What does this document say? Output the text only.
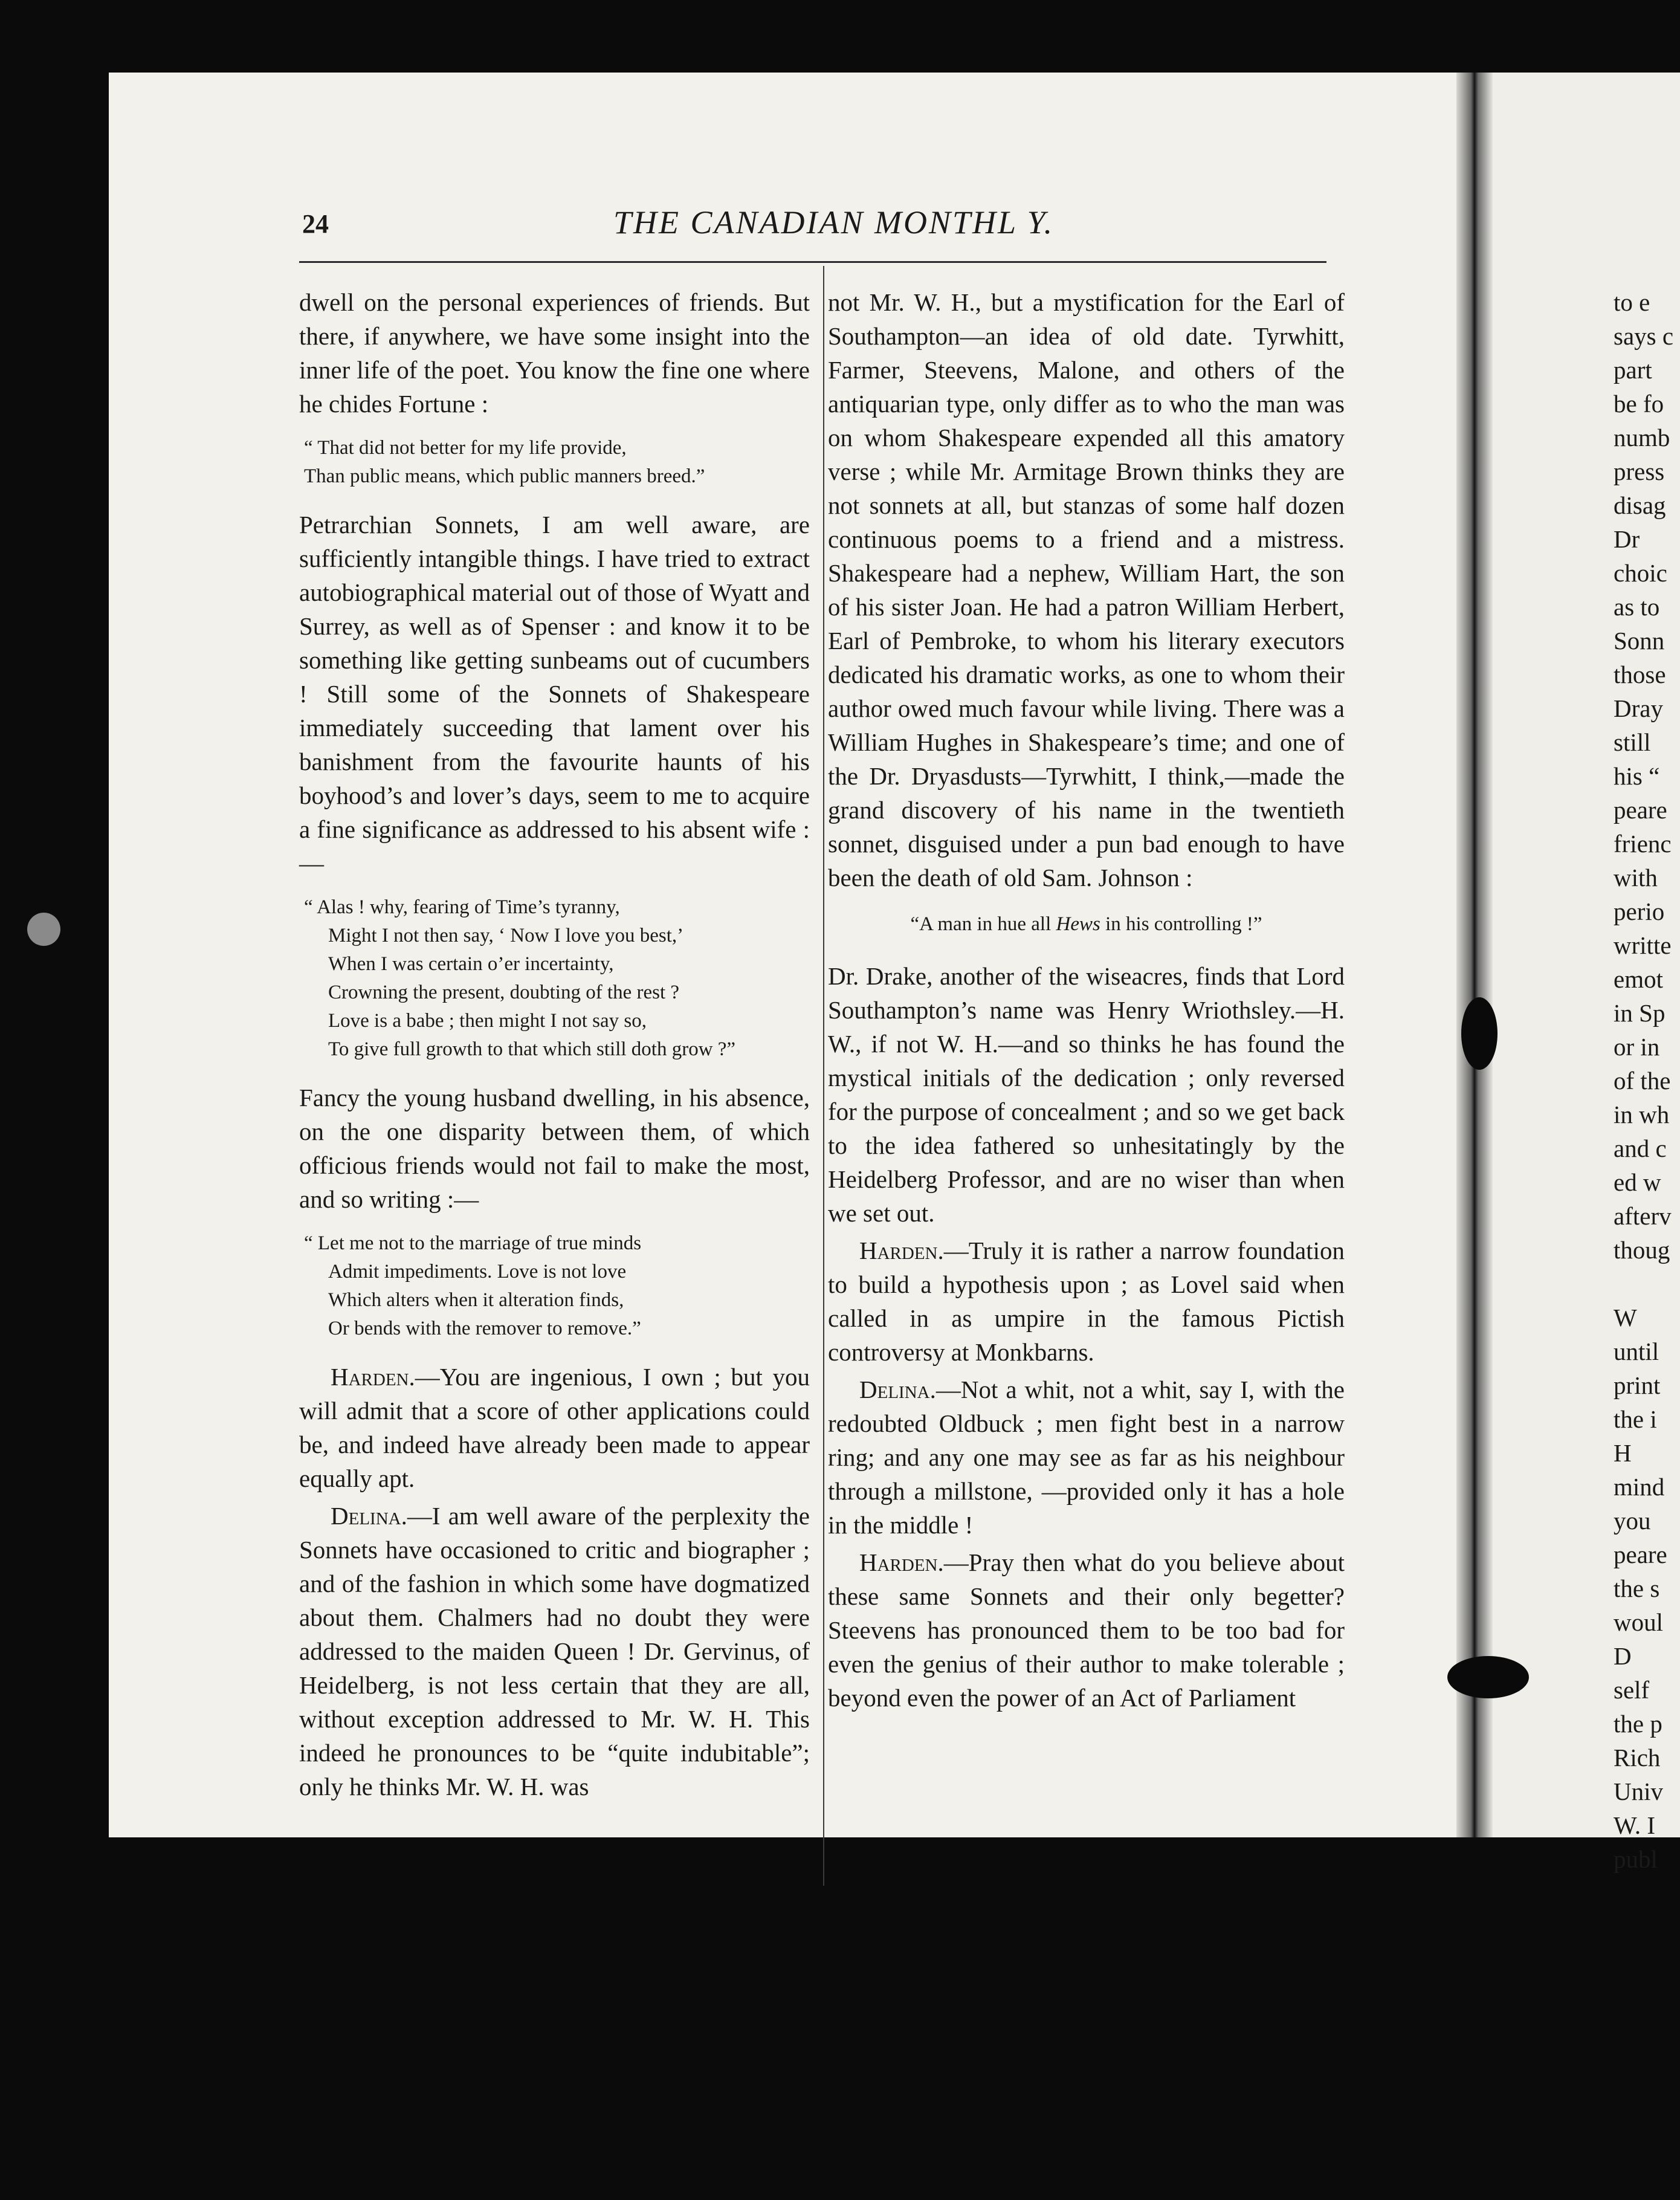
24	THE CANADIAN MONTHL Y.

dwell on the personal experiences of friends. But there, if anywhere, we have some insight into the inner life of the poet. You know the fine one where he chides Fortune :

“ That did not better for my life provide,
Than public means, which public manners breed.”

Petrarchian Sonnets, I am well aware, are sufficiently intangible things. I have tried to extract autobiographical material out of those of Wyatt and Surrey, as well as of Spenser : and know it to be something like getting sunbeams out of cucumbers ! Still some of the Sonnets of Shakespeare immediately succeeding that lament over his banishment from the favourite haunts of his boyhood’s and lover’s days, seem to me to acquire a fine significance as addressed to his absent wife :—

“ Alas ! why, fearing of Time’s tyranny,
Might I not then say, ‘ Now I love you best,’
When I was certain o’er incertainty,
Crowning the present, doubting of the rest ?
Love is a babe ; then might I not say so,
To give full growth to that which still doth grow ?”

Fancy the young husband dwelling, in his absence, on the one disparity between them, of which officious friends would not fail to make the most, and so writing :—

“ Let me not to the marriage of true minds
Admit impediments. Love is not love
Which alters when it alteration finds,
Or bends with the remover to remove.”

Harden.—You are ingenious, I own ; but you will admit that a score of other applications could be, and indeed have already been made to appear equally apt.

Delina.—I am well aware of the perplexity the Sonnets have occasioned to critic and biographer ; and of the fashion in which some have dogmatized about them. Chalmers had no doubt they were addressed to the maiden Queen ! Dr. Gervinus, of Heidelberg, is not less certain that they are all, without exception addressed to Mr. W. H. This indeed he pronounces to be “quite indubitable”; only he thinks Mr. W. H. was

not Mr. W. H., but a mystification for the Earl of Southampton—an idea of old date. Tyrwhitt, Farmer, Steevens, Malone, and others of the antiquarian type, only differ as to who the man was on whom Shakespeare expended all this amatory verse ; while Mr. Armitage Brown thinks they are not sonnets at all, but stanzas of some half dozen continuous poems to a friend and a mistress. Shakespeare had a nephew, William Hart, the son of his sister Joan. He had a patron William Herbert, Earl of Pembroke, to whom his literary executors dedicated his dramatic works, as one to whom their author owed much favour while living. There was a William Hughes in Shakespeare’s time; and one of the Dr. Dryasdusts—Tyrwhitt, I think,—made the grand discovery of his name in the twentieth sonnet, disguised under a pun bad enough to have been the death of old Sam. Johnson :

“A man in hue all Hews in his controlling !”

Dr. Drake, another of the wiseacres, finds that Lord Southampton’s name was Henry Wriothsley.—H. W., if not W. H.—and so thinks he has found the mystical initials of the dedication ; only reversed for the purpose of concealment ; and so we get back to the idea fathered so unhesitatingly by the Heidelberg Professor, and are no wiser than when we set out.

Harden.—Truly it is rather a narrow foundation to build a hypothesis upon ; as Lovel said when called in as umpire in the famous Pictish controversy at Monkbarns.

Delina.—Not a whit, not a whit, say I, with the redoubted Oldbuck ; men fight best in a narrow ring; and any one may see as far as his neighbour through a millstone, —provided only it has a hole in the middle !

Harden.—Pray then what do you believe about these same Sonnets and their only begetter? Steevens has pronounced them to be too bad for even the genius of their author to make tolerable ; beyond even the power of an Act of Parliament

to e
says c
part
be fo
numb
press
disag
Dr
choic
as to
Sonn
those
Dray
still
his “
peare
frienc
with
perio
writte
emot
in Sp
or in
of the
in wh
and c
ed w
afterv
thoug
W
until
print
the i
H
mind
you
peare
the s
woul
D
self
the p
Rich
Univ
W. I
publ
